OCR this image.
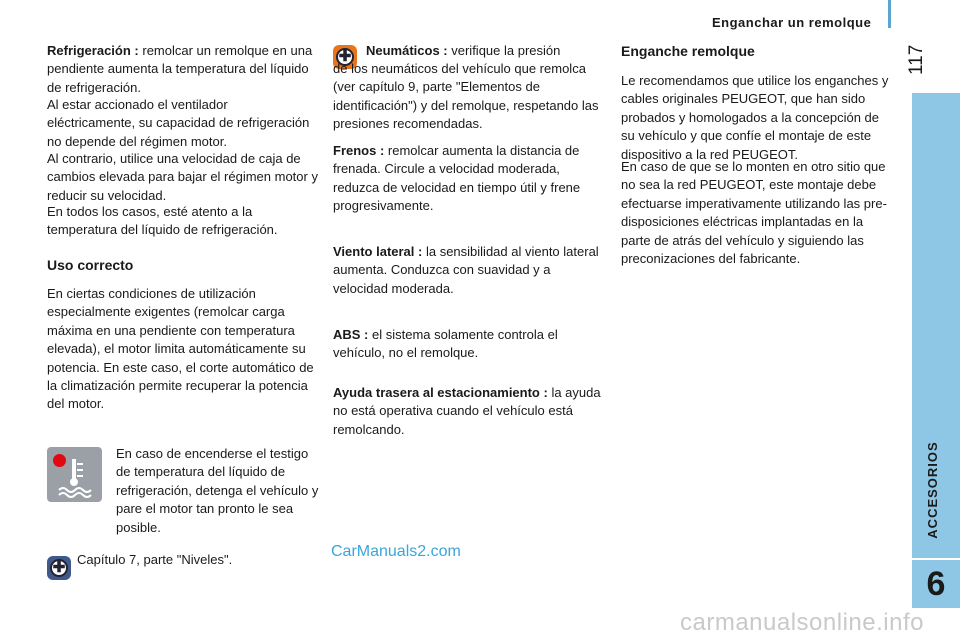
Enganchar un remolque
117
ACCESORIOS
6

Refrigeración : remolcar un remolque en una pendiente aumenta la temperatura del líquido de refrigeración.

Al estar accionado el ventilador eléctricamente, su capacidad de refrigeración no depende del régimen motor.

Al contrario, utilice una velocidad de caja de cambios elevada para bajar el régimen motor y reducir su velocidad.

En todos los casos, esté atento a la temperatura del líquido de refrigeración.

Uso correcto

En ciertas condiciones de utilización especialmente exigentes (remolcar carga máxima en una pendiente con temperatura elevada), el motor limita automáticamente su potencia. En este caso, el corte automático de la climatización permite recuperar la potencia del motor.

En caso de encenderse el testigo de temperatura del líquido de refrigeración, detenga el vehículo y pare el motor tan pronto le sea posible.

✚ Capítulo 7, parte "Niveles".

✚	Neumáticos : verifique la presión

de los neumáticos del vehículo que remolca (ver capítulo 9, parte "Elementos de identificación") y del remolque, respetando las presiones recomendadas.

Frenos : remolcar aumenta la distancia de frenada. Circule a velocidad moderada, reduzca de velocidad en tiempo útil y frene progresivamente.

Viento lateral : la sensibilidad al viento lateral aumenta. Conduzca con suavidad y a velocidad moderada.

ABS : el sistema solamente controla el vehículo, no el remolque.

Ayuda trasera al estacionamiento : la ayuda no está operativa cuando el vehículo está remolcando.

Enganche remolque

Le recomendamos que utilice los enganches y cables originales PEUGEOT, que han sido probados y homologados a la concepción de su vehículo y que confíe el montaje de este dispositivo a la red PEUGEOT.

En caso de que se lo monten en otro sitio que no sea la red PEUGEOT, este montaje debe efectuarse imperativamente utilizando las pre-disposiciones eléctricas implantadas en la parte de atrás del vehículo y siguiendo las preconizaciones del fabricante.

CarManuals2.com
carmanualsonline.info
